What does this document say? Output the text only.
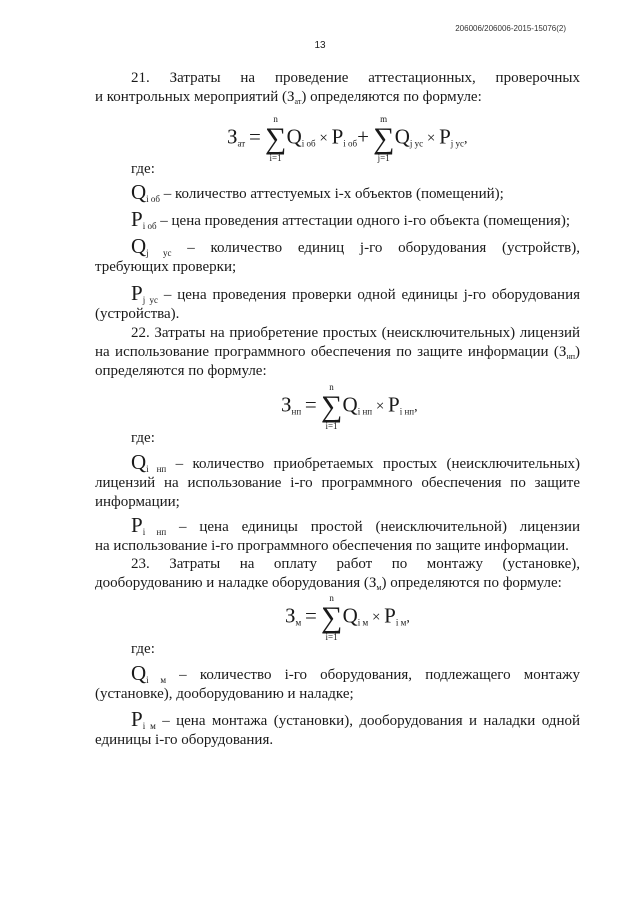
206006/206006-2015-15076(2)
13

21. Затраты на проведение аттестационных, проверочных

и контрольных мероприятий $(З_{ат})$ определяются по формуле:

$З_{ат}$ =
n
∑
i=1
$Q_{i об} \times P_{i об}+$
m
∑
j=1
$Q_{j ус} \times P_{j ус}$,

где:

$Q_{i об}$ – количество аттестуемых i-х объектов (помещений);

$P_{i об}$ – цена проведения аттестации одного i-го объекта (помещения);

$Q_{j ус}$ – количество единиц j-го оборудования (устройств),

требующих проверки;

$P_{j ус}$ – цена проведения проверки одной единицы j-го оборудования

(устройства).

22. Затраты на приобретение простых (неисключительных) лицензий

на использование программного обеспечения по защите информации $(З_{нп})$

определяются по формуле:

$З_{нп}$ =
n
∑
i=1
$Q_{i нп} \times P_{i нп}$,

где:

$Q_{i нп}$ – количество приобретаемых простых (неисключительных)

лицензий на использование i-го программного обеспечения по защите

информации;

$P_{i нп}$ – цена единицы простой (неисключительной) лицензии

на использование i-го программного обеспечения по защите информации.

23. Затраты на оплату работ по монтажу (установке),

дооборудованию и наладке оборудования $(З_м)$ определяются по формуле:

$З_м$ =
n
∑
i=1
$Q_{i м} \times P_{i м}$,

где:

$Q_{i м}$ – количество i-го оборудования, подлежащего монтажу

(установке), дооборудованию и наладке;

$P_{i м}$ – цена монтажа (установки), дооборудования и наладки одной

единицы i-го оборудования.
